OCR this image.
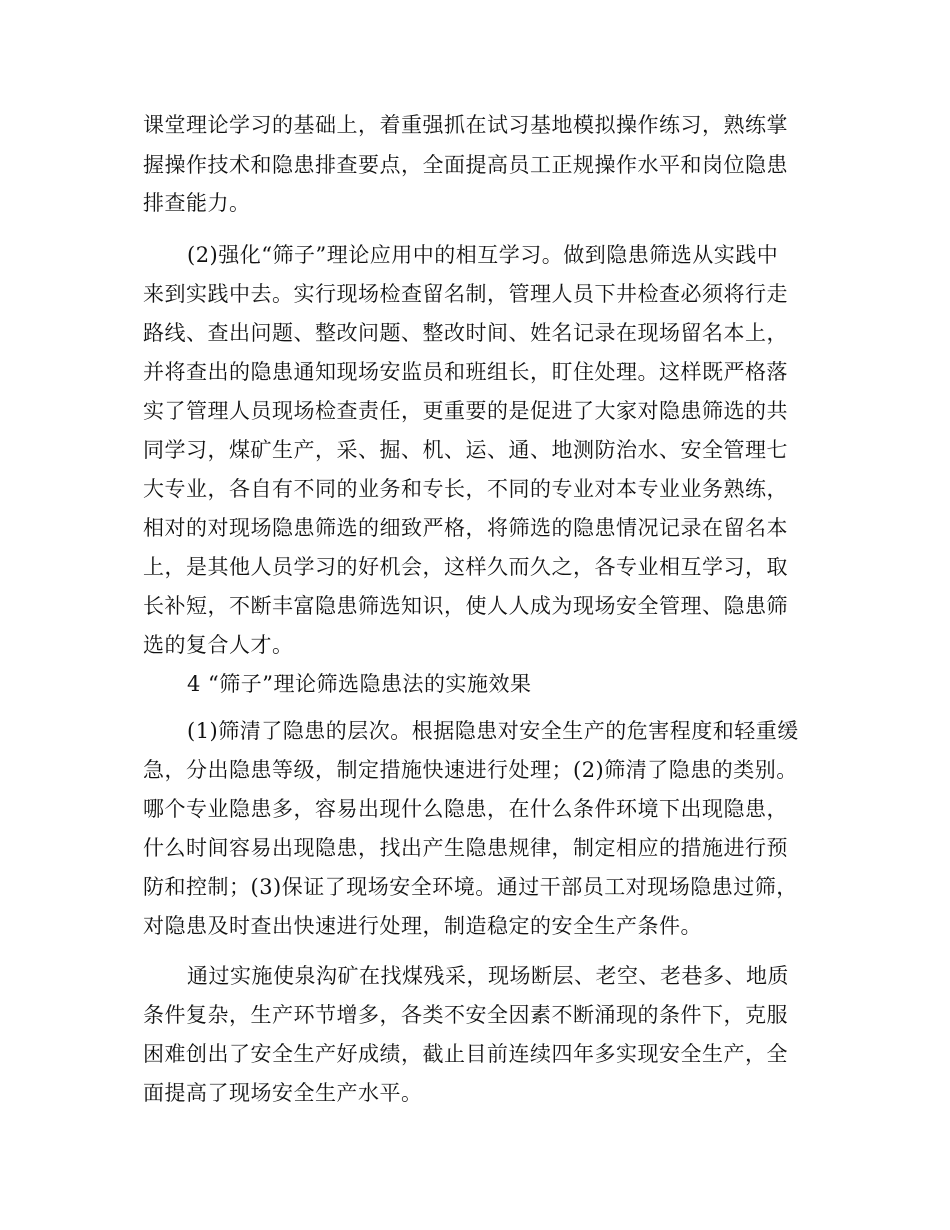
课堂理论学习的基础上，着重强抓在试习基地模拟操作练习，熟练掌
握操作技术和隐患排查要点，全面提高员工正规操作水平和岗位隐患
排查能力。
(2)强化“筛子”理论应用中的相互学习。做到隐患筛选从实践中
来到实践中去。实行现场检查留名制，管理人员下井检查必须将行走
路线、查出问题、整改问题、整改时间、姓名记录在现场留名本上，
并将查出的隐患通知现场安监员和班组长，盯住处理。这样既严格落
实了管理人员现场检查责任，更重要的是促进了大家对隐患筛选的共
同学习，煤矿生产，采、掘、机、运、通、地测防治水、安全管理七
大专业，各自有不同的业务和专长，不同的专业对本专业业务熟练，
相对的对现场隐患筛选的细致严格，将筛选的隐患情况记录在留名本
上，是其他人员学习的好机会，这样久而久之，各专业相互学习，取
长补短，不断丰富隐患筛选知识，使人人成为现场安全管理、隐患筛
选的复合人才。
4 “筛子”理论筛选隐患法的实施效果
(1)筛清了隐患的层次。根据隐患对安全生产的危害程度和轻重缓
急，分出隐患等级，制定措施快速进行处理；(2)筛清了隐患的类别。
哪个专业隐患多，容易出现什么隐患，在什么条件环境下出现隐患，
什么时间容易出现隐患，找出产生隐患规律，制定相应的措施进行预
防和控制；(3)保证了现场安全环境。通过干部员工对现场隐患过筛，
对隐患及时查出快速进行处理，制造稳定的安全生产条件。
通过实施使泉沟矿在找煤残采，现场断层、老空、老巷多、地质
条件复杂，生产环节增多，各类不安全因素不断涌现的条件下，克服
困难创出了安全生产好成绩，截止目前连续四年多实现安全生产，全
面提高了现场安全生产水平。
